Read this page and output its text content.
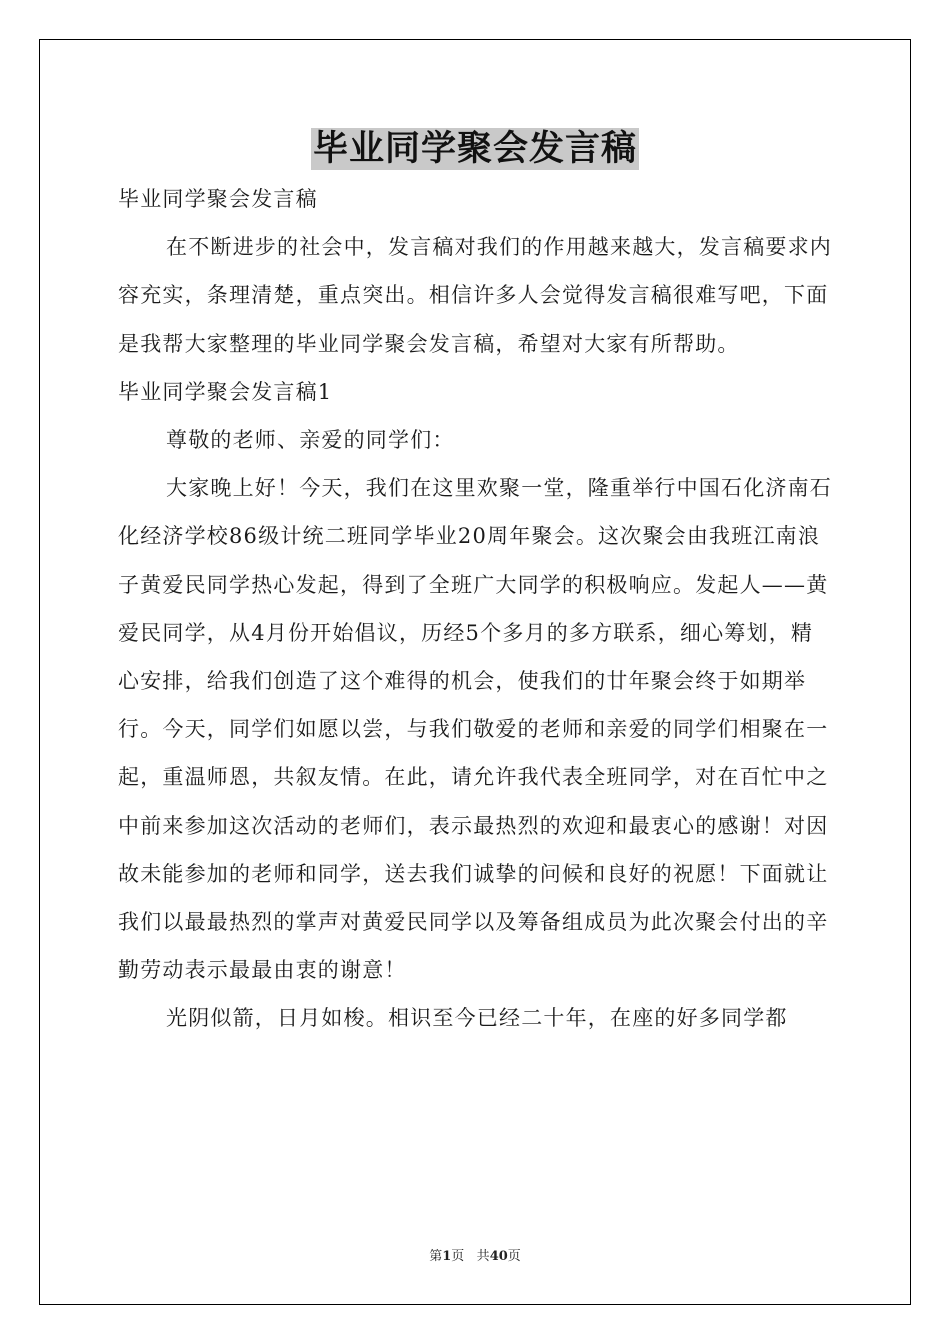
毕业同学聚会发言稿

毕业同学聚会发言稿

在不断进步的社会中，发言稿对我们的作用越来越大，发言稿要求内容充实，条理清楚，重点突出。相信许多人会觉得发言稿很难写吧，下面是我帮大家整理的毕业同学聚会发言稿，希望对大家有所帮助。

毕业同学聚会发言稿1

尊敬的老师、亲爱的同学们：

大家晚上好！今天，我们在这里欢聚一堂，隆重举行中国石化济南石化经济学校86级计统二班同学毕业20周年聚会。这次聚会由我班江南浪子黄爱民同学热心发起，得到了全班广大同学的积极响应。发起人——黄爱民同学，从4月份开始倡议，历经5个多月的多方联系，细心筹划，精心安排，给我们创造了这个难得的机会，使我们的廿年聚会终于如期举行。今天，同学们如愿以尝，与我们敬爱的老师和亲爱的同学们相聚在一起，重温师恩，共叙友情。在此，请允许我代表全班同学，对在百忙中之中前来参加这次活动的老师们，表示最热烈的欢迎和最衷心的感谢！对因故未能参加的老师和同学，送去我们诚挚的问候和良好的祝愿！下面就让我们以最最热烈的掌声对黄爱民同学以及筹备组成员为此次聚会付出的辛勤劳动表示最最由衷的谢意！

光阴似箭，日月如梭。相识至今已经二十年，在座的好多同学都

第1页 共40页
